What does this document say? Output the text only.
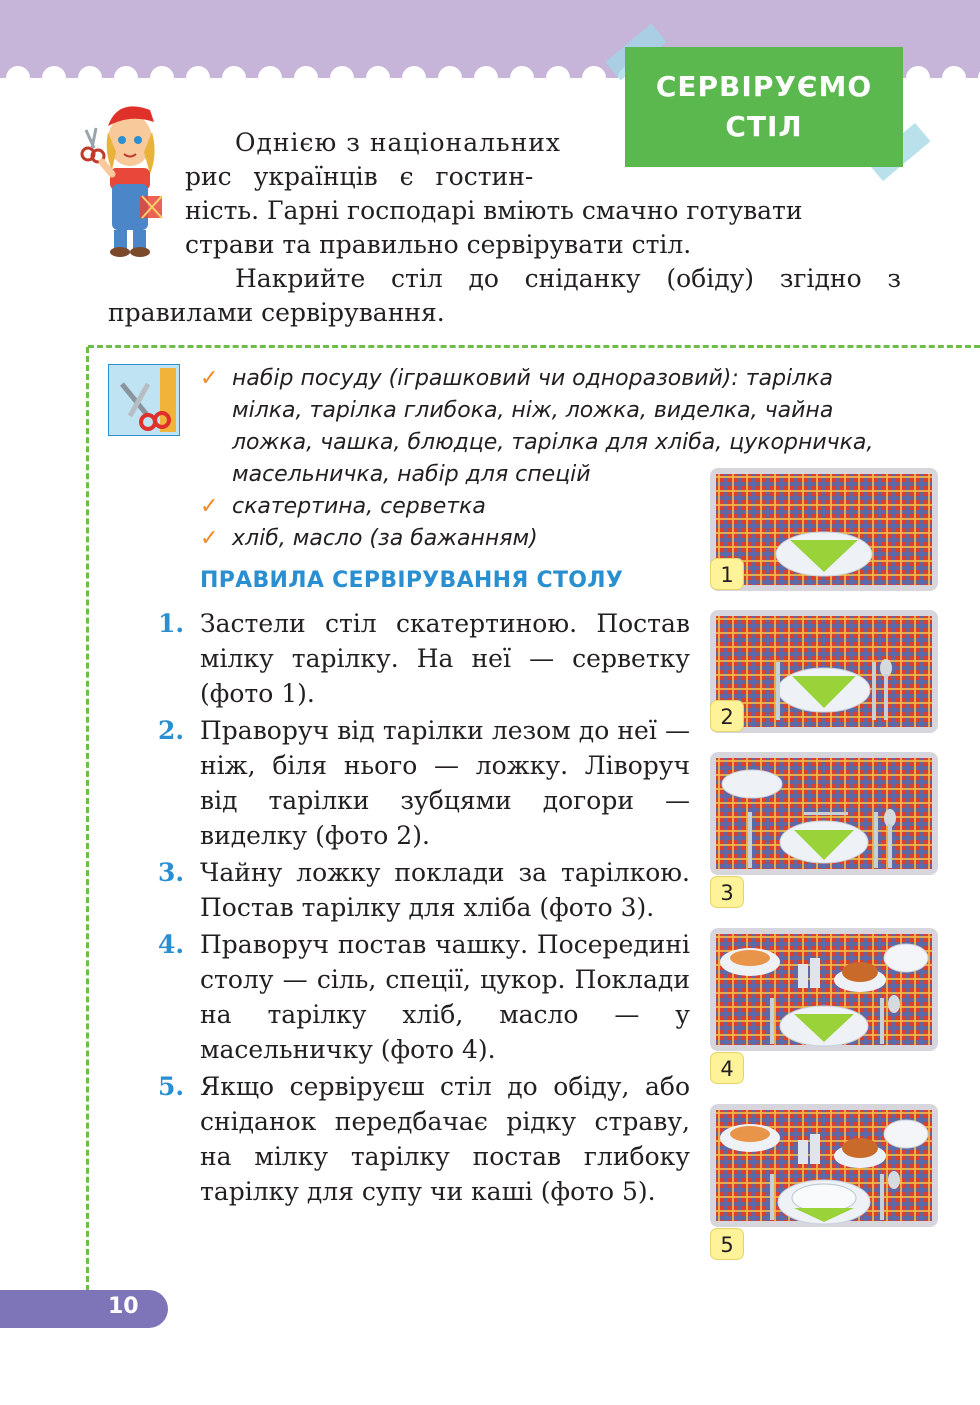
СЕРВІРУЄМО
СТІЛ
Однією з національних
рис українців є гостин-
ність. Гарні господарі вміють смачно готувати
страви та правильно сервірувати стіл.
Накрийте стіл до сніданку (обіду) згідно з правилами сервірування.
✓ набір посуду (іграшковий чи одноразовий): тарілка мілка, тарілка глибока, ніж, ложка, виделка, чайна ложка, чашка, блюдце, тарілка для хліба, цукорничка, масельничка, набір для спецій
✓ скатертина, серветка
✓ хліб, масло (за бажанням)
ПРАВИЛА СЕРВІРУВАННЯ СТОЛУ
1. Застели стіл скатертиною. Постав мілку тарілку. На неї — серветку (фото 1).
2. Праворуч від тарілки лезом до неї — ніж, біля нього — ложку. Ліворуч від тарілки зубцями догори — виделку (фото 2).
3. Чайну ложку поклади за тарілкою. Постав тарілку для хліба (фото 3).
4. Праворуч постав чашку. Посередині столу — сіль, спеції, цукор. Поклади на тарілку хліб, масло — у масельничку (фото 4).
5. Якщо сервіруєш стіл до обіду, або сніданок передбачає рідку страву, на мілку тарілку постав глибоку тарілку для супу чи каші (фото 5).
1
2
3
4
5
10
